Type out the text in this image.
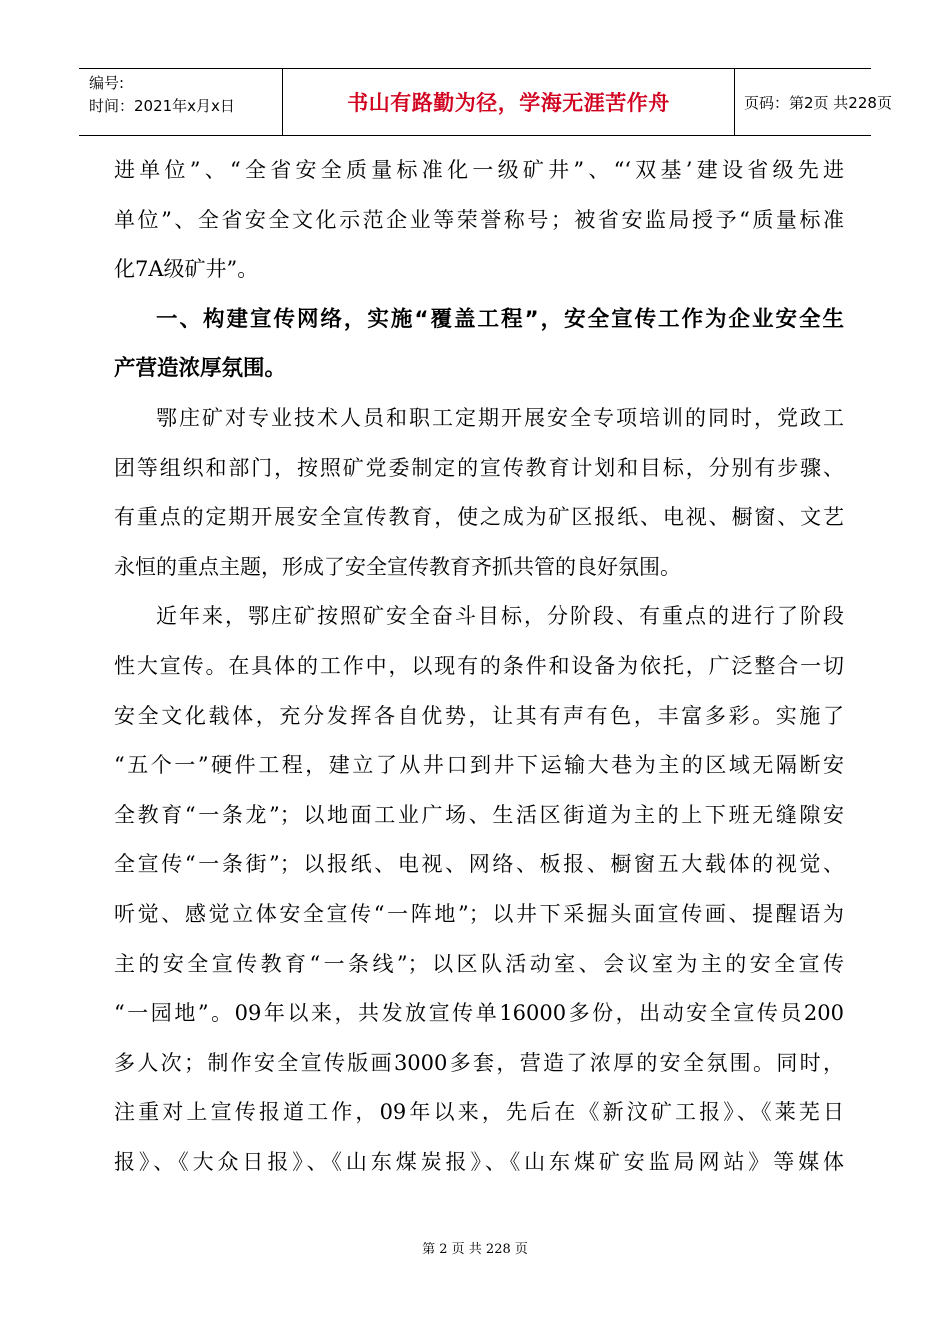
编号:
时间：2021年x月x日	书山有路勤为径，学海无涯苦作舟	页码：第2页 共228页
进单位”、“全省安全质量标准化一级矿井”、“‘双基’建设省级先进
单位”、全省安全文化示范企业等荣誉称号；被省安监局授予“质量标准
化7A级矿井”。
一、构建宣传网络，实施“覆盖工程”，安全宣传工作为企业安全生
产营造浓厚氛围。
鄂庄矿对专业技术人员和职工定期开展安全专项培训的同时，党政工
团等组织和部门，按照矿党委制定的宣传教育计划和目标，分别有步骤、
有重点的定期开展安全宣传教育，使之成为矿区报纸、电视、橱窗、文艺
永恒的重点主题，形成了安全宣传教育齐抓共管的良好氛围。
近年来，鄂庄矿按照矿安全奋斗目标，分阶段、有重点的进行了阶段
性大宣传。在具体的工作中，以现有的条件和设备为依托，广泛整合一切
安全文化载体，充分发挥各自优势，让其有声有色，丰富多彩。实施了
“五个一”硬件工程，建立了从井口到井下运输大巷为主的区域无隔断安
全教育“一条龙”；以地面工业广场、生活区街道为主的上下班无缝隙安
全宣传“一条街”；以报纸、电视、网络、板报、橱窗五大载体的视觉、
听觉、感觉立体安全宣传“一阵地”；以井下采掘头面宣传画、提醒语为
主的安全宣传教育“一条线”；以区队活动室、会议室为主的安全宣传
“一园地”。09年以来，共发放宣传单16000多份，出动安全宣传员200
多人次；制作安全宣传版画3000多套，营造了浓厚的安全氛围。同时，
注重对上宣传报道工作，09年以来，先后在《新汶矿工报》、《莱芜日
报》、《大众日报》、《山东煤炭报》、《山东煤矿安监局网站》等媒体
第 2 页 共 228 页
